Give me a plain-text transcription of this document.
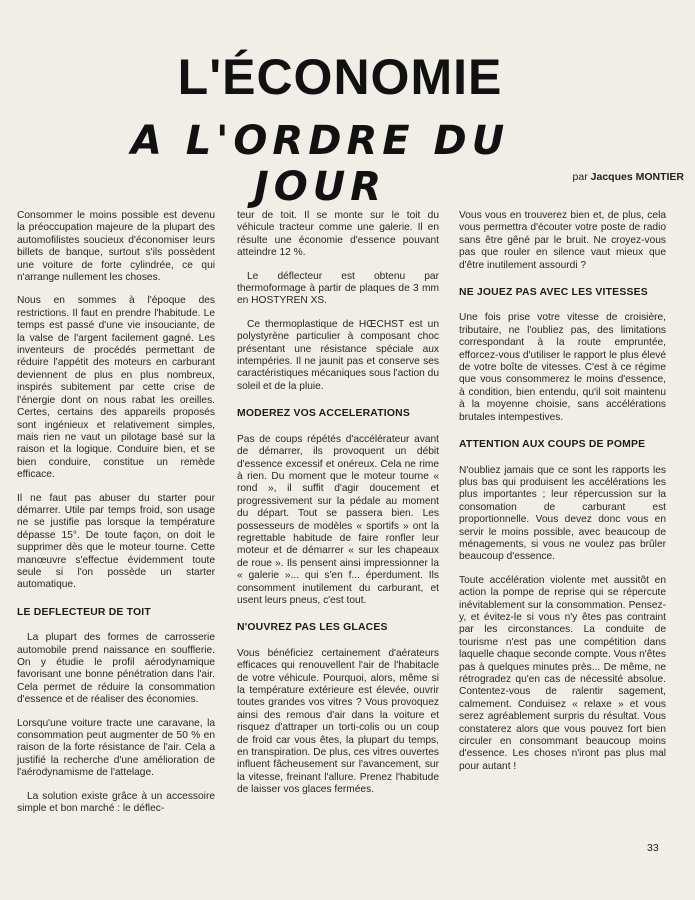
L'ÉCONOMIE
A L'ORDRE DU JOUR	par Jacques MONTIER

Consommer le moins possible est devenu la préoccupation majeure de la plupart des automofilistes soucieux d'économiser leurs billets de banque, surtout s'ils possèdent une voiture de forte cylindrée, ce qui n'arrange nullement les choses.

Nous en sommes à l'époque des restrictions. Il faut en prendre l'habitude. Le temps est passé d'une vie insouciante, de la valse de l'argent facilement gagné. Les inventeurs de procédés permettant de réduire l'appétit des moteurs en carburant deviennent de plus en plus nombreux, inspirés subitement par cette crise de l'énergie dont on nous rabat les oreilles. Certes, certains des appareils proposés sont ingénieux et relativement simples, mais rien ne vaut un pilotage basé sur la raison et la logique. Conduire bien, et se bien conduire, constitue un remède efficace.

Il ne faut pas abuser du starter pour démarrer. Utile par temps froid, son usage ne se justifie pas lorsque la température dépasse 15°. De toute façon, on doit le supprimer dès que le moteur tourne. Cette manœuvre s'effectue évidemment toute seule si l'on possède un starter automatique.

LE DEFLECTEUR DE TOIT

La plupart des formes de carrosserie automobile prend naissance en soufflerie. On y étudie le profil aérodynamique favorisant une bonne pénétration dans l'air. Cela permet de réduire la consommation d'essence et de réaliser des économies.

Lorsqu'une voiture tracte une caravane, la consommation peut augmenter de 50 % en raison de la forte résistance de l'air. Cela a justifié la recherche d'une amélioration de l'aérodynamisme de l'attelage.

La solution existe grâce à un accessoire simple et bon marché : le déflec-

teur de toit. Il se monte sur le toit du véhicule tracteur comme une galerie. Il en résulte une économie d'essence pouvant atteindre 12 %.

Le déflecteur est obtenu par thermoformage à partir de plaques de 3 mm en HOSTYREN XS.

Ce thermoplastique de HŒCHST est un polystyrène particulier à composant choc présentant une résistance spéciale aux intempéries. Il ne jaunit pas et conserve ses caractéristiques mécaniques sous l'action du soleil et de la pluie.

MODEREZ VOS ACCELERATIONS

Pas de coups répétés d'accélérateur avant de démarrer, ils provoquent un débit d'essence excessif et onéreux. Cela ne rime à rien. Du moment que le moteur tourne « rond », il suffit d'agir doucement et progressivement sur la pédale au moment du départ. Tout se passera bien. Les possesseurs de modèles « sportifs » ont la regrettable habitude de faire ronfler leur moteur et de démarrer « sur les chapeaux de roue ». Ils pensent ainsi impressionner la « galerie »... qui s'en f... éperdument. Ils consomment inutilement du carburant, et usent leurs pneus, c'est tout.

N'OUVREZ PAS LES GLACES

Vous bénéficiez certainement d'aérateurs efficaces qui renouvellent l'air de l'habitacle de votre véhicule. Pourquoi, alors, même si la température extérieure est élevée, ouvrir toutes grandes vos vitres ? Vous provoquez ainsi des remous d'air dans la voiture et risquez d'attraper un torti-colis ou un coup de froid car vous êtes, la plupart du temps, en transpiration. De plus, ces vitres ouvertes influent fâcheusement sur l'avancement, sur la vitesse, freinant l'allure. Prenez l'habitude de laisser vos glaces fermées.

Vous vous en trouverez bien et, de plus, cela vous permettra d'écouter votre poste de radio sans être gêné par le bruit. Ne croyez-vous pas que rouler en silence vaut mieux que d'être inutilement assourdi ?

NE JOUEZ PAS AVEC LES VITESSES

Une fois prise votre vitesse de croisière, tributaire, ne l'oubliez pas, des limitations correspondant à la route empruntée, efforcez-vous d'utiliser le rapport le plus élevé de votre boîte de vitesses. C'est à ce régime que vous consommerez le moins d'essence, à condition, bien entendu, qu'il soit maintenu à la moyenne choisie, sans accélérations brutales intempestives.

ATTENTION AUX COUPS DE POMPE

N'oubliez jamais que ce sont les rapports les plus bas qui produisent les accélérations les plus importantes ; leur répercussion sur la consomation de carburant est proportionnelle. Vous devez donc vous en servir le moins possible, avec beaucoup de ménagements, si vous ne voulez pas brûler beaucoup d'essence.

Toute accélération violente met aussitôt en action la pompe de reprise qui se répercute inévitablement sur la consommation. Pensez-y, et évitez-le si vous n'y êtes pas contraint par les circonstances. La conduite de tourisme n'est pas une compétition dans laquelle chaque seconde compte. Vous n'êtes pas à quelques minutes près... De même, ne rétrogradez qu'en cas de nécessité absolue. Contentez-vous de ralentir sagement, calmement. Conduisez « relaxe » et vous serez agréablement surpris du résultat. Vous constaterez alors que vous pouvez fort bien circuler en consommant beaucoup moins d'essence. Les choses n'iront pas plus mal pour autant !

33
